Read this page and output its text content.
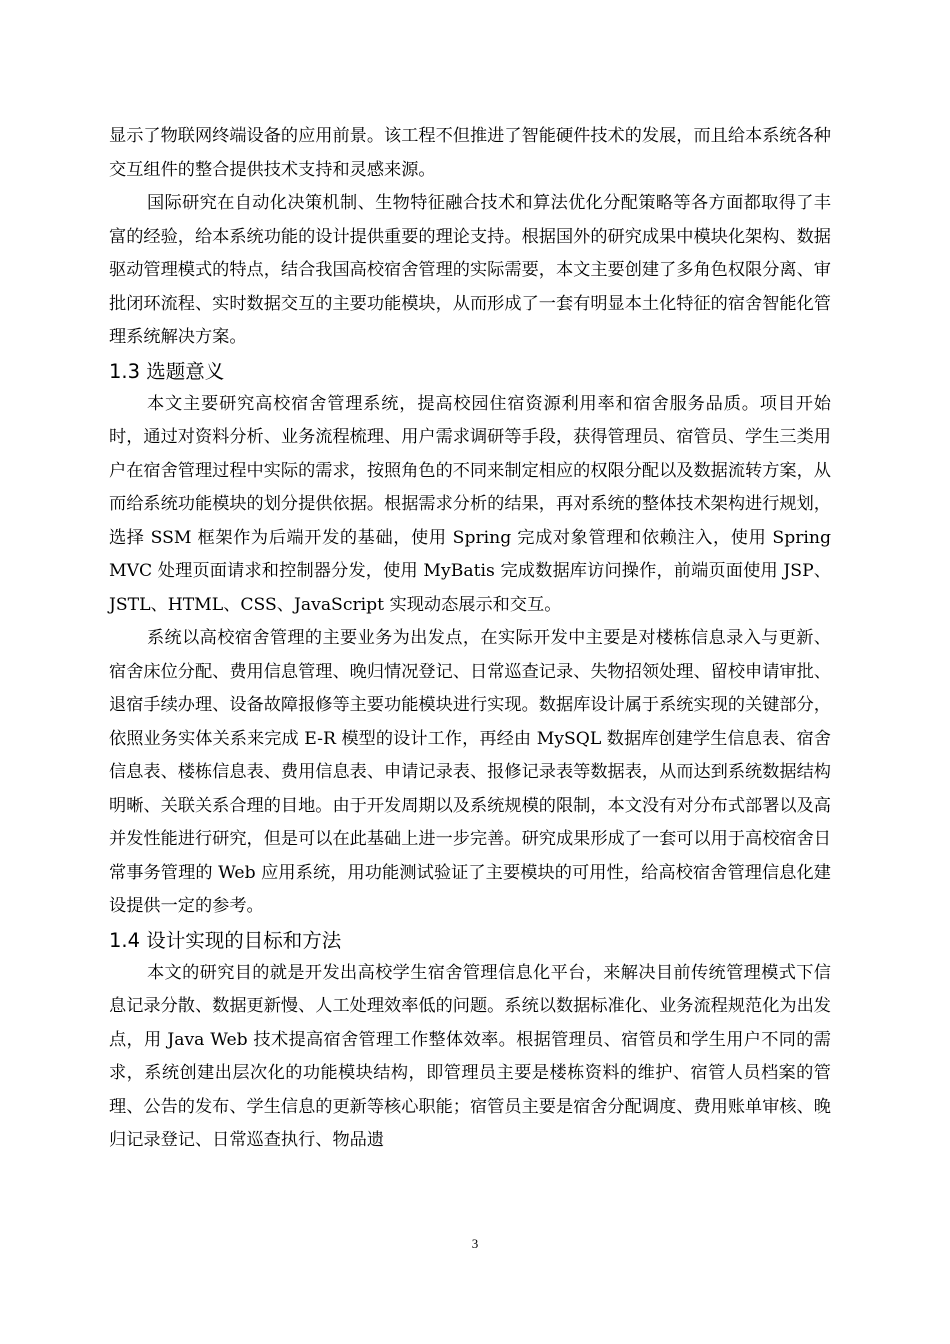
显示了物联网终端设备的应用前景。该工程不但推进了智能硬件技术的发展，而且给本系统各种交互组件的整合提供技术支持和灵感来源。

国际研究在自动化决策机制、生物特征融合技术和算法优化分配策略等各方面都取得了丰富的经验，给本系统功能的设计提供重要的理论支持。根据国外的研究成果中模块化架构、数据驱动管理模式的特点，结合我国高校宿舍管理的实际需要，本文主要创建了多角色权限分离、审批闭环流程、实时数据交互的主要功能模块，从而形成了一套有明显本土化特征的宿舍智能化管理系统解决方案。

1.3 选题意义

本文主要研究高校宿舍管理系统，提高校园住宿资源利用率和宿舍服务品质。项目开始时，通过对资料分析、业务流程梳理、用户需求调研等手段，获得管理员、宿管员、学生三类用户在宿舍管理过程中实际的需求，按照角色的不同来制定相应的权限分配以及数据流转方案，从而给系统功能模块的划分提供依据。根据需求分析的结果，再对系统的整体技术架构进行规划，选择 SSM 框架作为后端开发的基础，使用 Spring 完成对象管理和依赖注入，使用 Spring MVC 处理页面请求和控制器分发，使用 MyBatis 完成数据库访问操作，前端页面使用 JSP、JSTL、HTML、CSS、JavaScript 实现动态展示和交互。

系统以高校宿舍管理的主要业务为出发点，在实际开发中主要是对楼栋信息录入与更新、宿舍床位分配、费用信息管理、晚归情况登记、日常巡查记录、失物招领处理、留校申请审批、退宿手续办理、设备故障报修等主要功能模块进行实现。数据库设计属于系统实现的关键部分，依照业务实体关系来完成 E-R 模型的设计工作，再经由 MySQL 数据库创建学生信息表、宿舍信息表、楼栋信息表、费用信息表、申请记录表、报修记录表等数据表，从而达到系统数据结构明晰、关联关系合理的目地。由于开发周期以及系统规模的限制，本文没有对分布式部署以及高并发性能进行研究，但是可以在此基础上进一步完善。研究成果形成了一套可以用于高校宿舍日常事务管理的 Web 应用系统，用功能测试验证了主要模块的可用性，给高校宿舍管理信息化建设提供一定的参考。

1.4 设计实现的目标和方法

本文的研究目的就是开发出高校学生宿舍管理信息化平台，来解决目前传统管理模式下信息记录分散、数据更新慢、人工处理效率低的问题。系统以数据标准化、业务流程规范化为出发点，用 Java Web 技术提高宿舍管理工作整体效率。根据管理员、宿管员和学生用户不同的需求，系统创建出层次化的功能模块结构，即管理员主要是楼栋资料的维护、宿管人员档案的管理、公告的发布、学生信息的更新等核心职能；宿管员主要是宿舍分配调度、费用账单审核、晚归记录登记、日常巡查执行、物品遗

3
